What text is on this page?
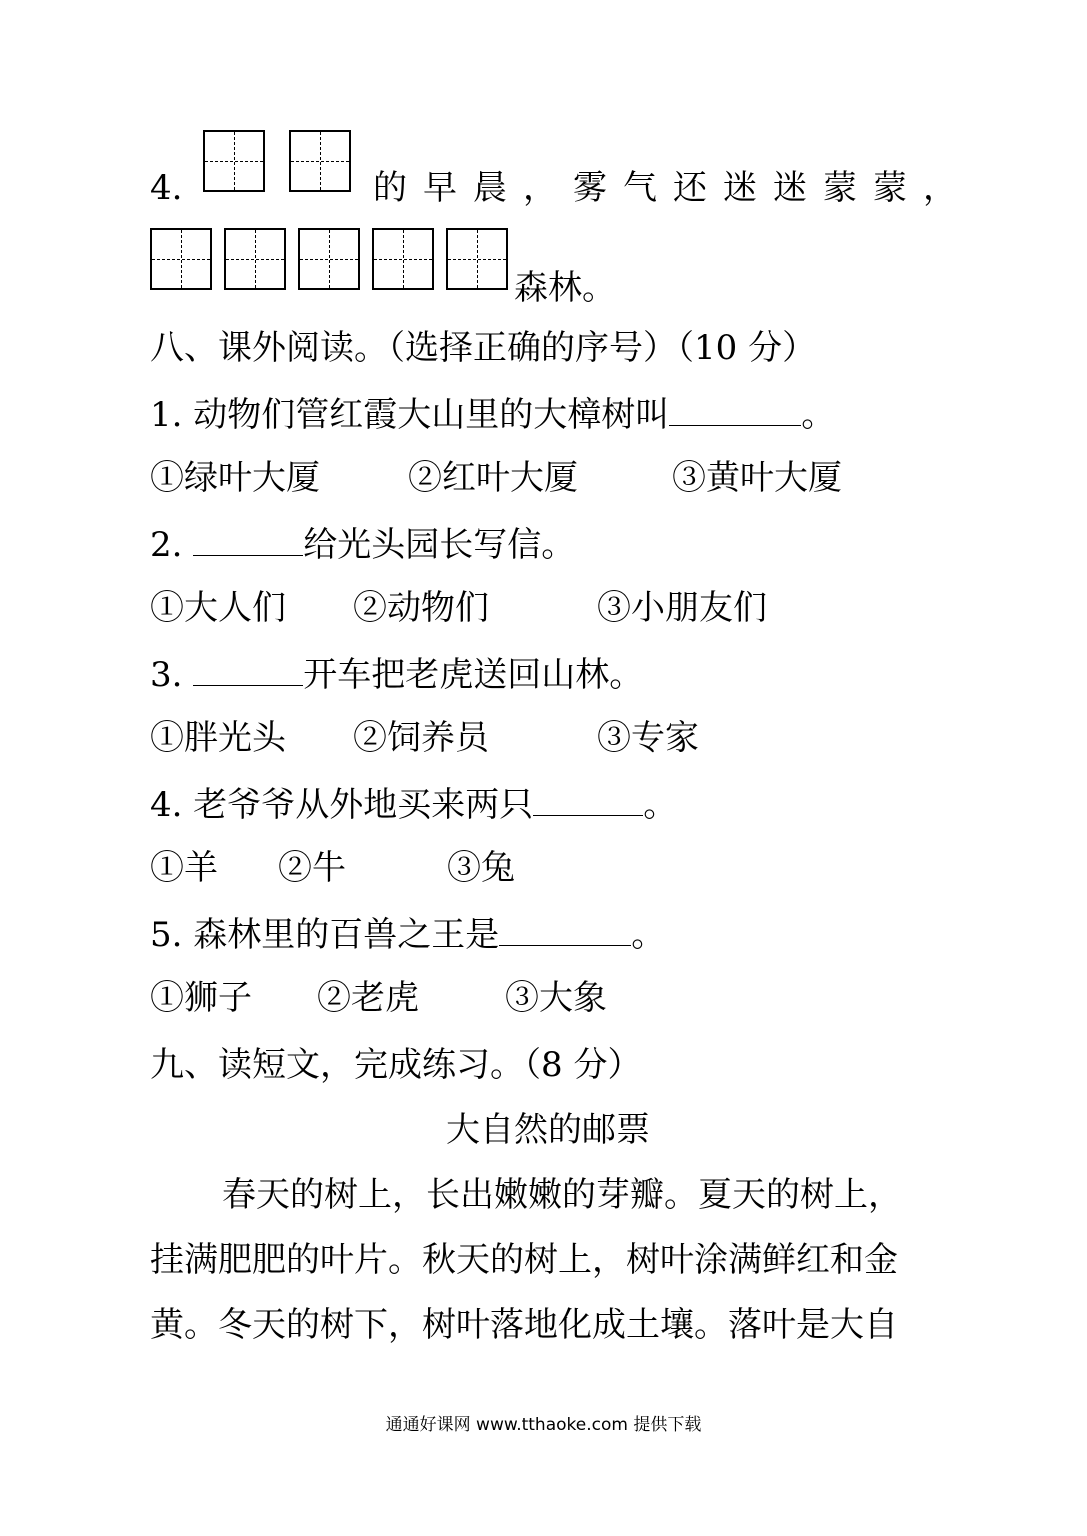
4.	的早晨，雾气还迷迷蒙蒙，
森林。
八、课外阅读。（选择正确的序号）（10 分）
1. 动物们管红霞大山里的大樟树叫	。
①绿叶大厦	②红叶大厦	③黄叶大厦
2.	给光头园长写信。
①大人们 ②动物们	③小朋友们
3.	开车把老虎送回山林。
①胖光头 ②饲养员	③专家
4. 老爷爷从外地买来两只	。
①羊 ②牛	③兔
5. 森林里的百兽之王是	。
①狮子 ②老虎	③大象
九、读短文，完成练习。（8 分）
大自然的邮票
春天的树上，长出嫩嫩的芽瓣。夏天的树上，
挂满肥肥的叶片。秋天的树上，树叶涂满鲜红和金
黄。冬天的树下，树叶落地化成土壤。落叶是大自
通通好课网 www.tthaoke.com 提供下载
